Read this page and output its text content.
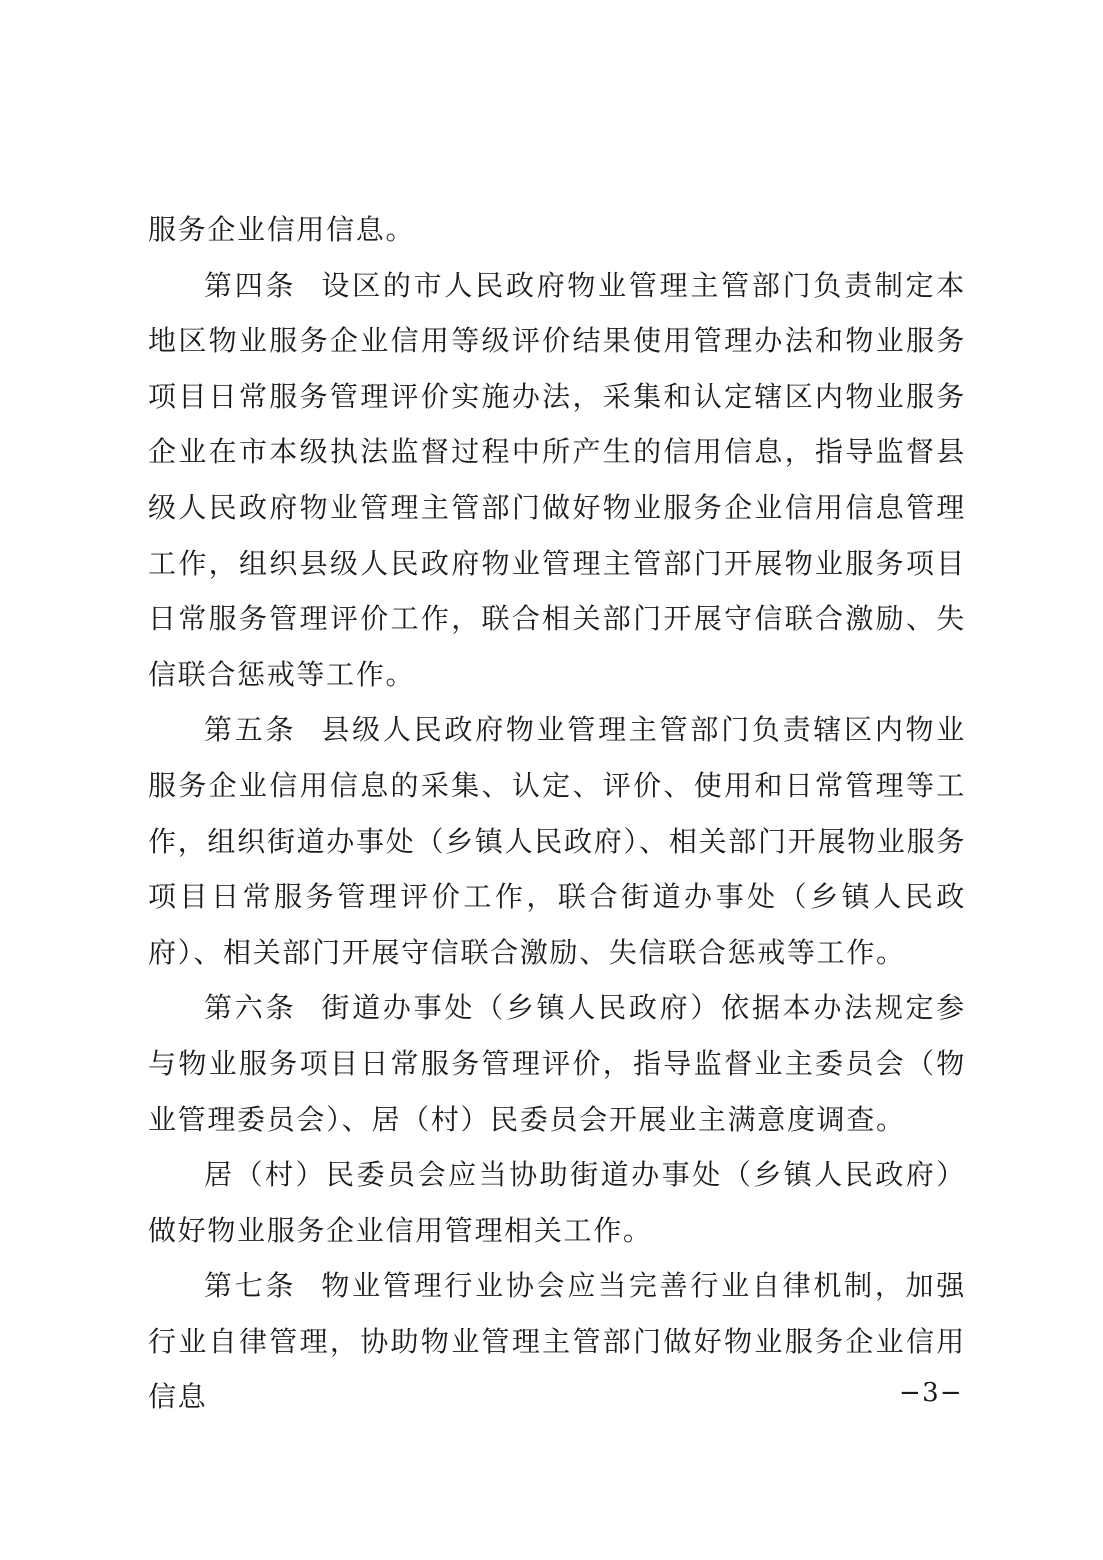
服务企业信用信息。

第四条 设区的市人民政府物业管理主管部门负责制定本地区物业服务企业信用等级评价结果使用管理办法和物业服务项目日常服务管理评价实施办法，采集和认定辖区内物业服务企业在市本级执法监督过程中所产生的信用信息，指导监督县级人民政府物业管理主管部门做好物业服务企业信用信息管理工作，组织县级人民政府物业管理主管部门开展物业服务项目日常服务管理评价工作，联合相关部门开展守信联合激励、失信联合惩戒等工作。

第五条 县级人民政府物业管理主管部门负责辖区内物业服务企业信用信息的采集、认定、评价、使用和日常管理等工作，组织街道办事处（乡镇人民政府）、相关部门开展物业服务项目日常服务管理评价工作，联合街道办事处（乡镇人民政府）、相关部门开展守信联合激励、失信联合惩戒等工作。

第六条 街道办事处（乡镇人民政府）依据本办法规定参与物业服务项目日常服务管理评价，指导监督业主委员会（物业管理委员会）、居（村）民委员会开展业主满意度调查。

居（村）民委员会应当协助街道办事处（乡镇人民政府）做好物业服务企业信用管理相关工作。

第七条 物业管理行业协会应当完善行业自律机制，加强行业自律管理，协助物业管理主管部门做好物业服务企业信用信息	−3−
